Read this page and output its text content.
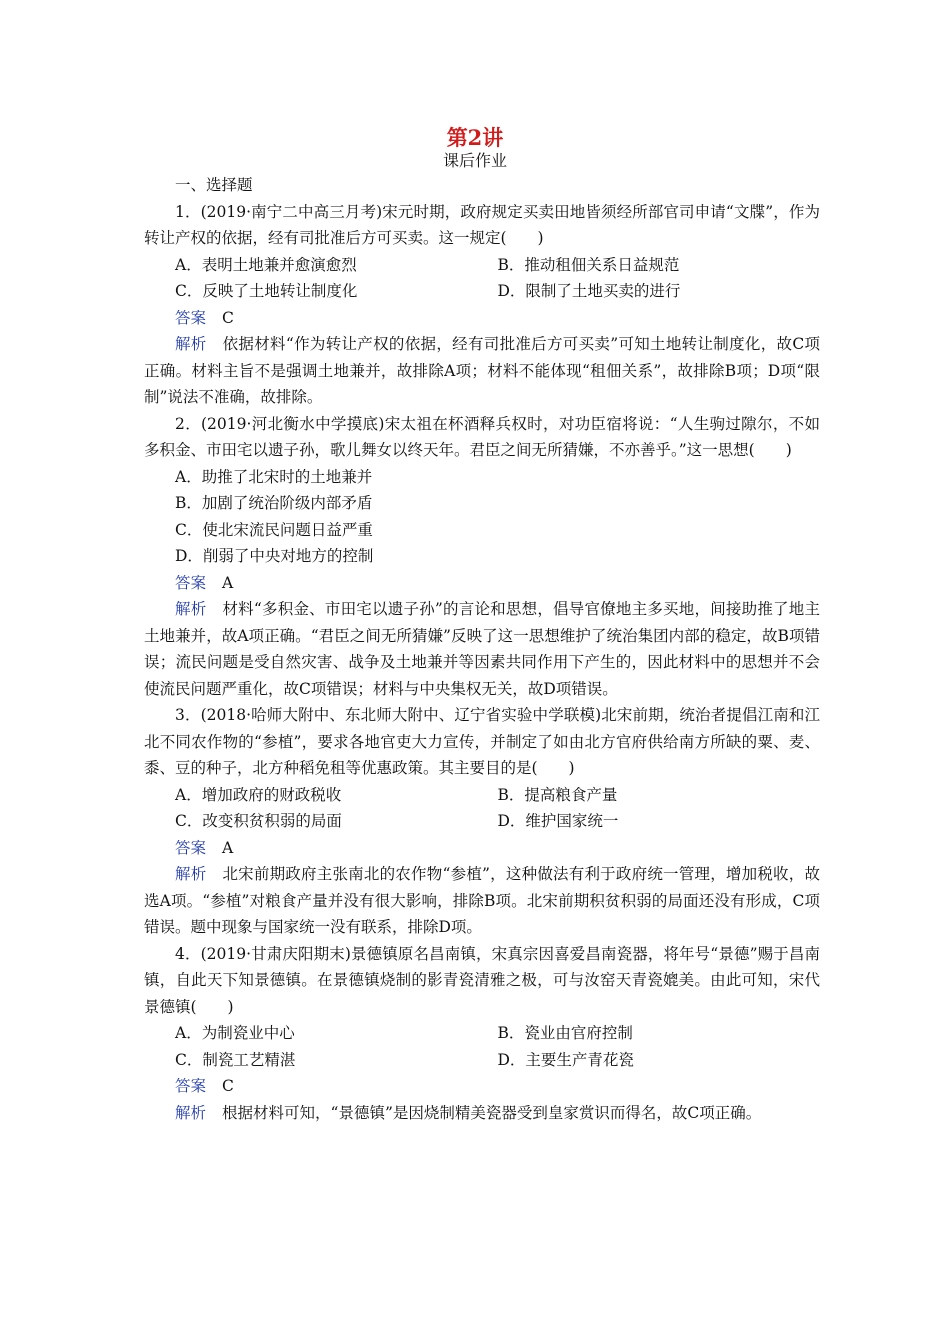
第2讲
课后作业
一、选择题

1．(2019·南宁二中高三月考)宋元时期，政府规定买卖田地皆须经所部官司申请“文牒”，作为转让产权的依据，经有司批准后方可买卖。这一规定(　　)

A．表明土地兼并愈演愈烈	B．推动租佃关系日益规范
C．反映了土地转让制度化	D．限制了土地买卖的进行
答案 C

解析 依据材料“作为转让产权的依据，经有司批准后方可买卖”可知土地转让制度化，故C项正确。材料主旨不是强调土地兼并，故排除A项；材料不能体现“租佃关系”，故排除B项；D项“限制”说法不准确，故排除。

2．(2019·河北衡水中学摸底)宋太祖在杯酒释兵权时，对功臣宿将说：“人生驹过隙尔，不如多积金、市田宅以遗子孙，歌儿舞女以终天年。君臣之间无所猜嫌，不亦善乎。”这一思想(　　)

A．助推了北宋时的土地兼并
B．加剧了统治阶级内部矛盾
C．使北宋流民问题日益严重
D．削弱了中央对地方的控制
答案 A

解析 材料“多积金、市田宅以遗子孙”的言论和思想，倡导官僚地主多买地，间接助推了地主土地兼并，故A项正确。“君臣之间无所猜嫌”反映了这一思想维护了统治集团内部的稳定，故B项错误；流民问题是受自然灾害、战争及土地兼并等因素共同作用下产生的，因此材料中的思想并不会使流民问题严重化，故C项错误；材料与中央集权无关，故D项错误。

3．(2018·哈师大附中、东北师大附中、辽宁省实验中学联模)北宋前期，统治者提倡江南和江北不同农作物的“参植”，要求各地官吏大力宣传，并制定了如由北方官府供给南方所缺的粟、麦、黍、豆的种子，北方种稻免租等优惠政策。其主要目的是(　　)

A．增加政府的财政税收	B．提高粮食产量
C．改变积贫积弱的局面	D．维护国家统一
答案 A

解析 北宋前期政府主张南北的农作物“参植”，这种做法有利于政府统一管理，增加税收，故选A项。“参植”对粮食产量并没有很大影响，排除B项。北宋前期积贫积弱的局面还没有形成，C项错误。题中现象与国家统一没有联系，排除D项。

4．(2019·甘肃庆阳期末)景德镇原名昌南镇，宋真宗因喜爱昌南瓷器，将年号“景德”赐于昌南镇，自此天下知景德镇。在景德镇烧制的影青瓷清雅之极，可与汝窑天青瓷媲美。由此可知，宋代景德镇(　　)

A．为制瓷业中心	B．瓷业由官府控制
C．制瓷工艺精湛	D．主要生产青花瓷
答案 C

解析 根据材料可知，“景德镇”是因烧制精美瓷器受到皇家赏识而得名，故C项正确。
